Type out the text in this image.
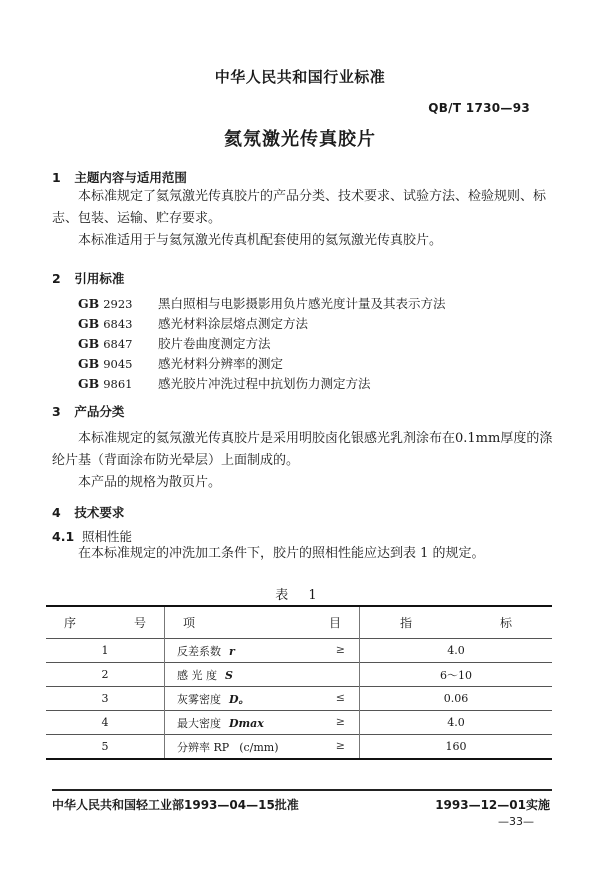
中华人民共和国行业标准
QB/T 1730—93
氦氖激光传真胶片
1 主题内容与适用范围
本标准规定了氦氖激光传真胶片的产品分类、技术要求、试验方法、检验规则、标志、包装、运输、贮存要求。
本标准适用于与氦氖激光传真机配套使用的氦氖激光传真胶片。
2 引用标准
GB 2923 黑白照相与电影摄影用负片感光度计量及其表示方法
GB 6843 感光材料涂层熔点测定方法
GB 6847 胶片卷曲度测定方法
GB 9045 感光材料分辨率的测定
GB 9861 感光胶片冲洗过程中抗划伤力测定方法
3 产品分类
本标准规定的氦氖激光传真胶片是采用明胶卤化银感光乳剂涂布在0.1mm厚度的涤纶片基（背面涂布防光晕层）上面制成的。
本产品的规格为散页片。
4 技术要求
4.1 照相性能
在本标准规定的冲洗加工条件下，胶片的照相性能应达到表 1 的规定。
表 1
序 号	项 目	指 标

1	反差系数 r ≥	4.0
2	感 光 度 S	6～10
3	灰雾密度 D。 ≤	0.06
4	最大密度 Dmax ≥	4.0
5	分辨率 RP (c/mm) ≥	160
中华人民共和国轻工业部1993—04—15批准	1993—12—01实施
—33—
